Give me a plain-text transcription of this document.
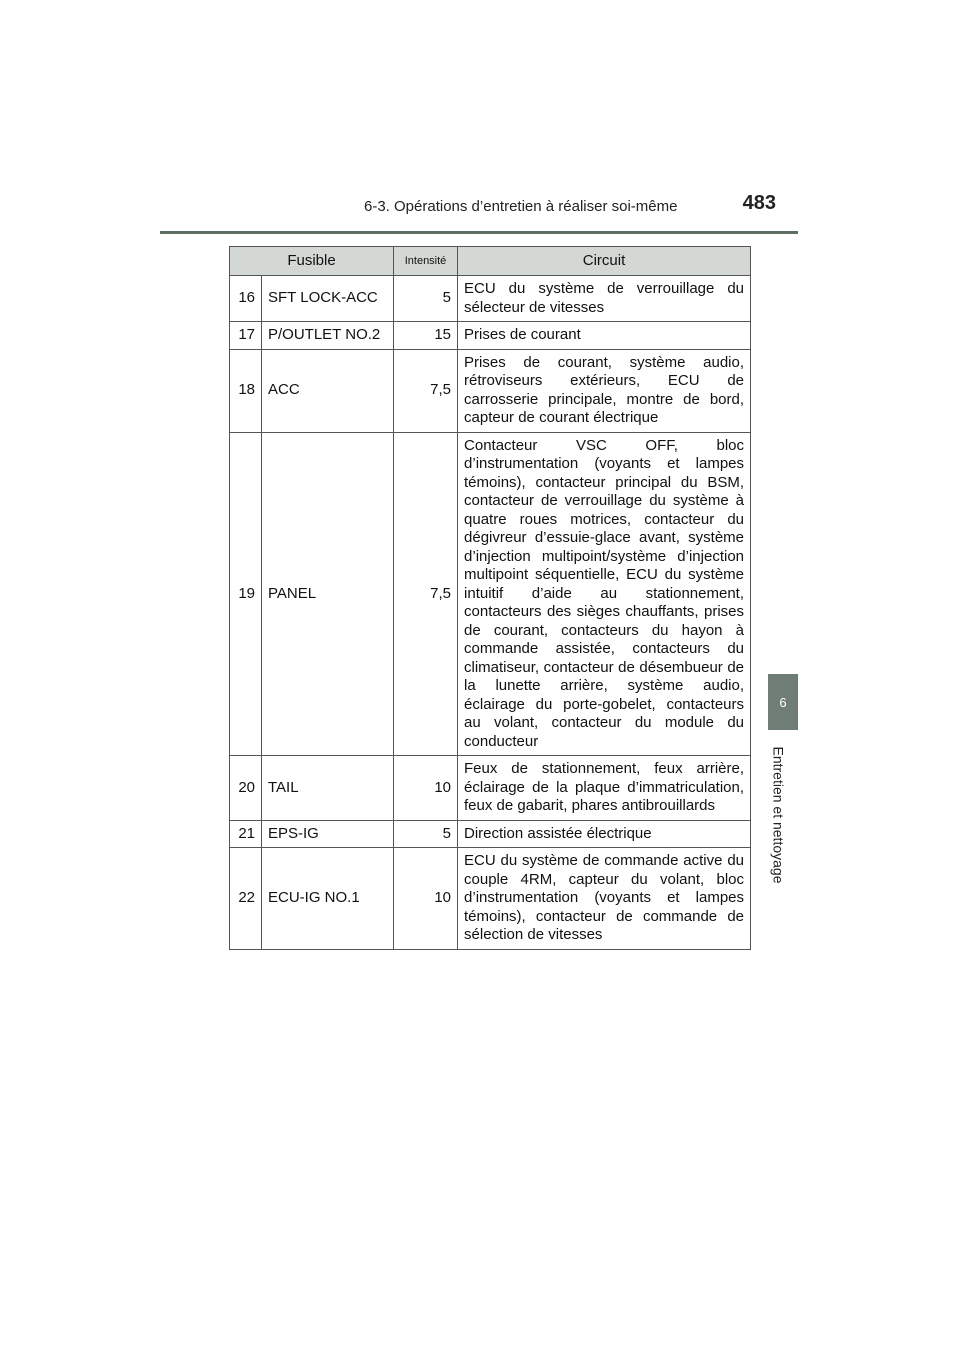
6-3. Opérations d’entretien à réaliser soi-même	483
6
Entretien et nettoyage
Fusible		Intensité	Circuit
16	SFT LOCK-ACC	5	ECU du système de verrouillage du sélecteur de vitesses
17	P/OUTLET NO.2	15	Prises de courant
18	ACC	7,5	Prises de courant, système audio, rétroviseurs extérieurs, ECU de carrosserie principale, montre de bord, capteur de courant électrique
19	PANEL	7,5	Contacteur VSC OFF, bloc d’instrumentation (voyants et lampes témoins), contacteur principal du BSM, contacteur de verrouillage du système à quatre roues motrices, contacteur du dégivreur d’essuie-glace avant, système d’injection multipoint/système d’injection multipoint séquentielle, ECU du système intuitif d’aide au stationnement, contacteurs des sièges chauffants, prises de courant, contacteurs du hayon à commande assistée, contacteurs du climatiseur, contacteur de désembueur de la lunette arrière, système audio, éclairage du porte-gobelet, contacteurs au volant, contacteur du module du conducteur
20	TAIL	10	Feux de stationnement, feux arrière, éclairage de la plaque d’immatriculation, feux de gabarit, phares antibrouillards
21	EPS-IG	5	Direction assistée électrique
22	ECU-IG NO.1	10	ECU du système de commande active du couple 4RM, capteur du volant, bloc d’instrumentation (voyants et lampes témoins), contacteur de commande de sélection de vitesses
